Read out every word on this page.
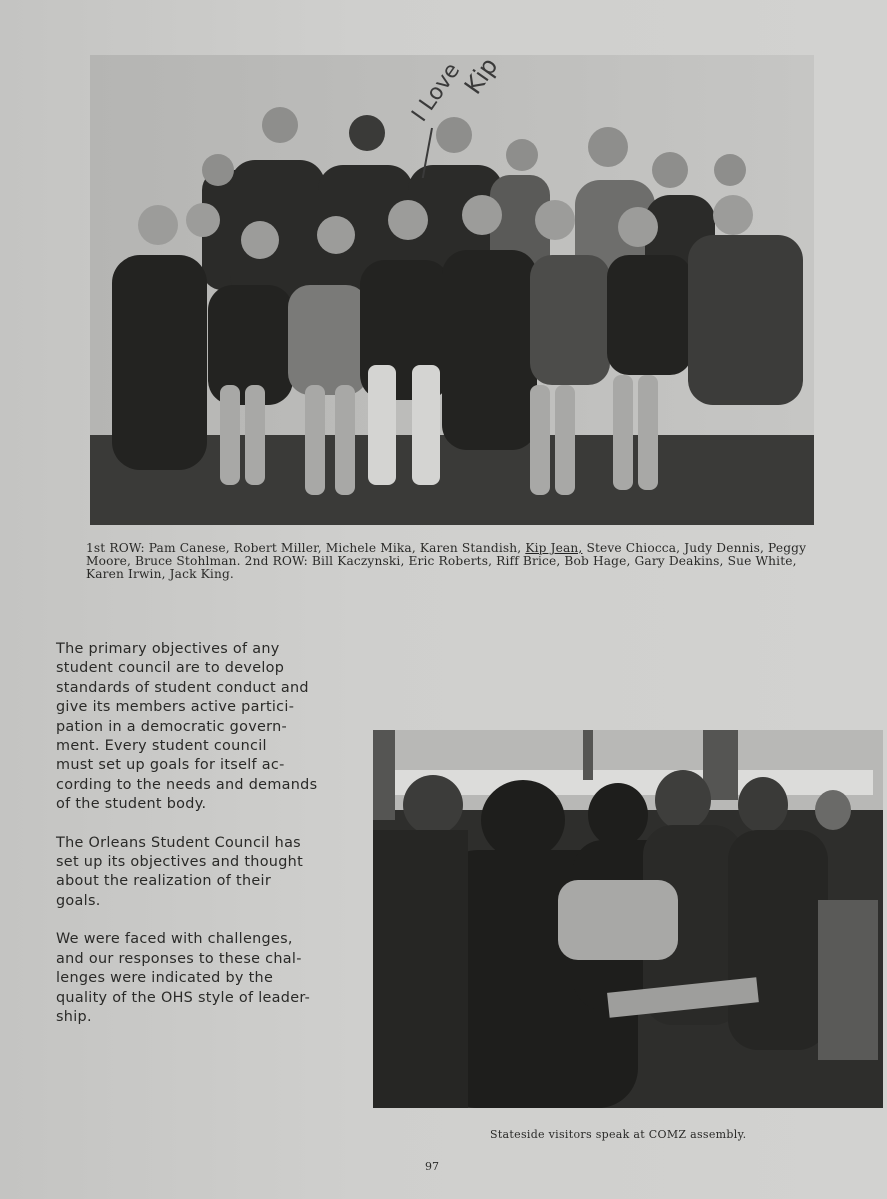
I Love
Kip
1st ROW: Pam Canese, Robert Miller, Michele Mika, Karen Standish, Kip Jean, Steve Chiocca, Judy Dennis, Peggy Moore, Bruce Stohlman. 2nd ROW: Bill Kaczynski, Eric Roberts, Riff Brice, Bob Hage, Gary Deakins, Sue White, Karen Irwin, Jack King.

The primary objectives of any
student council are to develop
standards of student conduct and
give its members active partici-
pation in a democratic govern-
ment. Every student council
must set up goals for itself ac-
cording to the needs and demands
of the student body.

The Orleans Student Council has
set up its objectives and thought
about the realization of their
goals.

We were faced with challenges,
and our responses to these chal-
lenges were indicated by the
quality of the OHS style of leader-
ship.

Stateside visitors speak at COMZ assembly.
97
